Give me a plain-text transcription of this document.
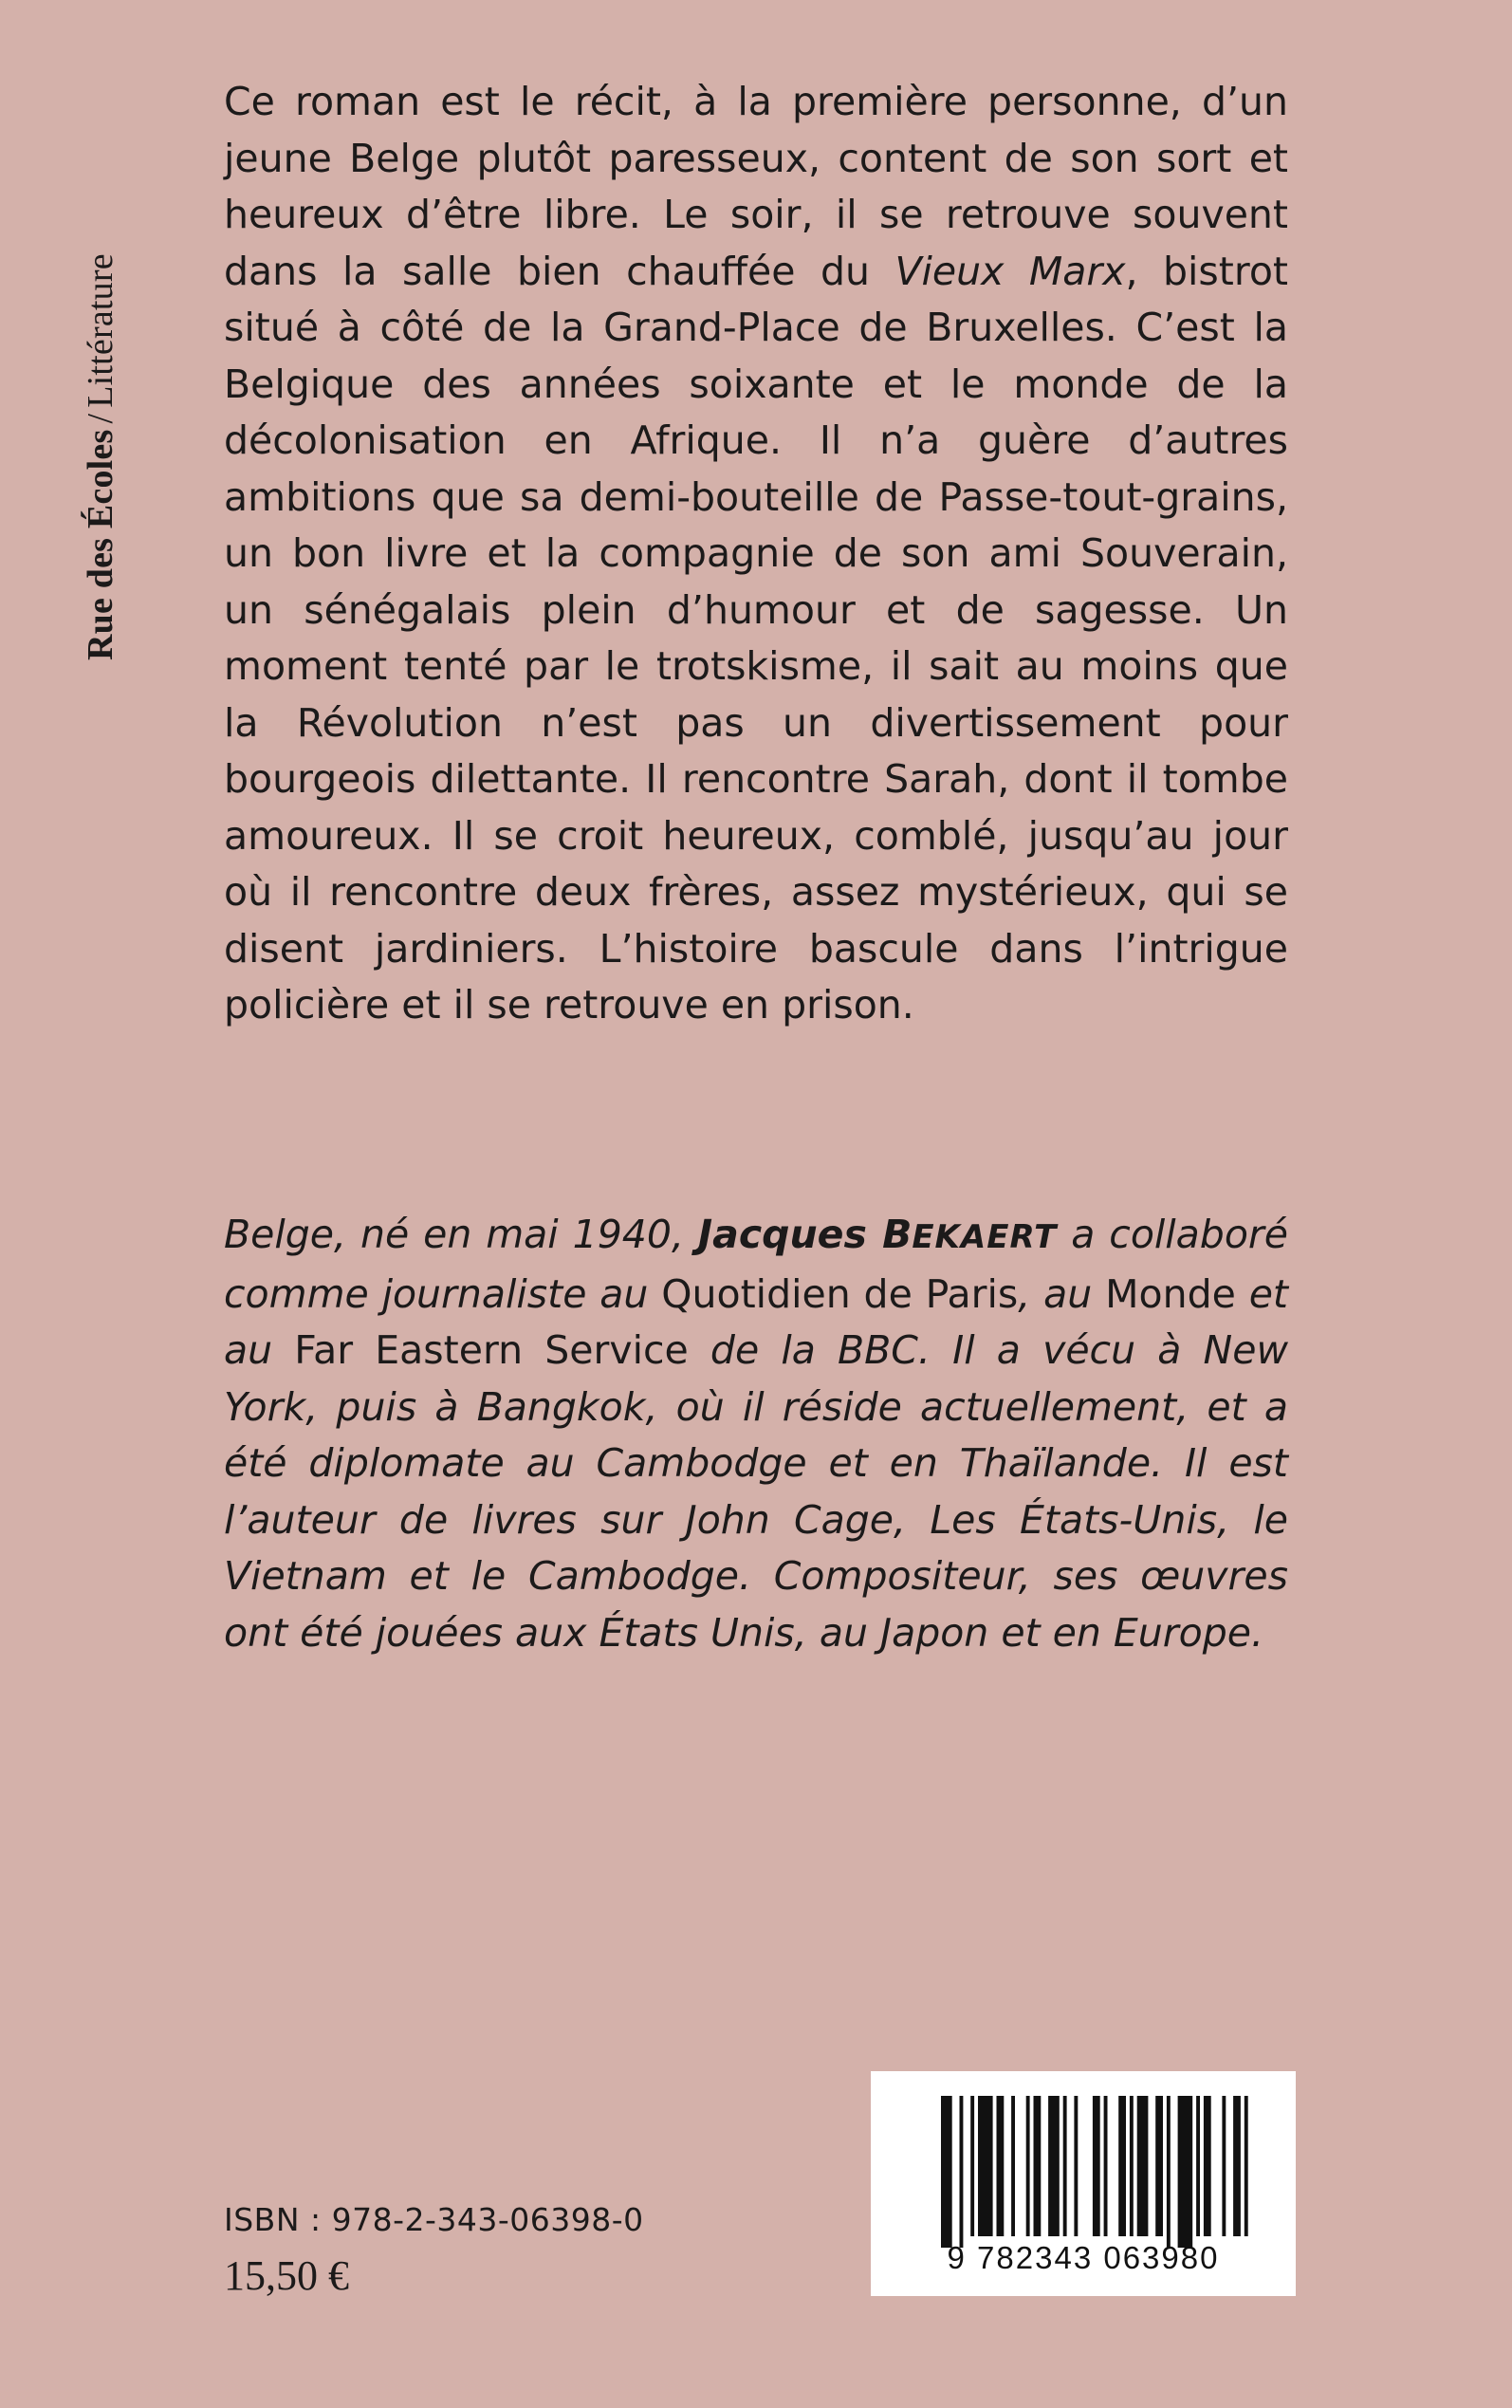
Rue des Écoles/Littérature

Ce roman est le récit, à la première personne, d’un jeune Belge plutôt paresseux, content de son sort et heureux d’être libre. Le soir, il se retrouve souvent dans la salle bien chauffée du Vieux Marx, bistrot situé à côté de la Grand-Place de Bruxelles. C’est la Belgique des années soixante et le monde de la décolonisation en Afrique. Il n’a guère d’autres ambitions que sa demi-bouteille de Passe-tout-grains, un bon livre et la compagnie de son ami Souverain, un sénégalais plein d’humour et de sagesse. Un moment tenté par le trotskisme, il sait au moins que la Révolution n’est pas un divertissement pour bourgeois dilettante. Il rencontre Sarah, dont il tombe amoureux. Il se croit heureux, comblé, jusqu’au jour où il rencontre deux frères, assez mystérieux, qui se disent jardiniers. L’histoire bascule dans l’intrigue policière et il se retrouve en prison.

Belge, né en mai 1940, Jacques BEKAERT a collaboré comme journaliste au Quotidien de Paris, au Monde et au Far Eastern Service de la BBC. Il a vécu à New York, puis à Bangkok, où il réside actuellement, et a été diplomate au Cambodge et en Thaïlande. Il est l’auteur de livres sur John Cage, Les États-Unis, le Vietnam et le Cambodge. Compositeur, ses œuvres ont été jouées aux États Unis, au Japon et en Europe.

9 782343 063980
ISBN : 978-2-343-06398-0
15,50 €
